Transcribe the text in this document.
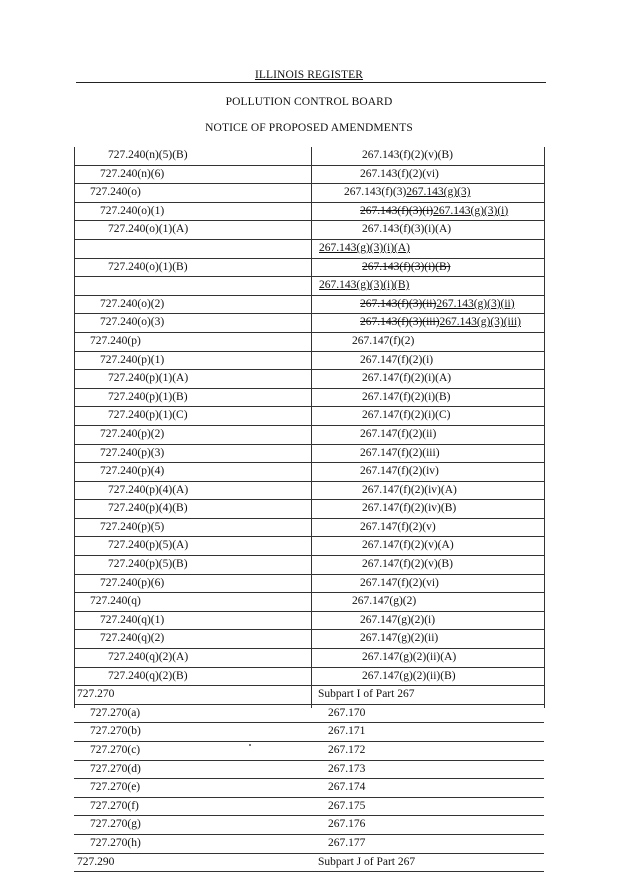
ILLINOIS REGISTER
POLLUTION CONTROL BOARD
NOTICE OF PROPOSED AMENDMENTS
727.240(n)(5)(B)	267.143(f)(2)(v)(B)
727.240(n)(6)	267.143(f)(2)(vi)
727.240(o)	267.143(f)(3)267.143(g)(3)
727.240(o)(1)	267.143(f)(3)(i)267.143(g)(3)(i)
727.240(o)(1)(A)	267.143(f)(3)(i)(A)
267.143(g)(3)(i)(A)
727.240(o)(1)(B)	267.143(f)(3)(i)(B)
267.143(g)(3)(i)(B)
727.240(o)(2)	267.143(f)(3)(ii)267.143(g)(3)(ii)
727.240(o)(3)	267.143(f)(3)(iii)267.143(g)(3)(iii)
727.240(p)	267.147(f)(2)
727.240(p)(1)	267.147(f)(2)(i)
727.240(p)(1)(A)	267.147(f)(2)(i)(A)
727.240(p)(1)(B)	267.147(f)(2)(i)(B)
727.240(p)(1)(C)	267.147(f)(2)(i)(C)
727.240(p)(2)	267.147(f)(2)(ii)
727.240(p)(3)	267.147(f)(2)(iii)
727.240(p)(4)	267.147(f)(2)(iv)
727.240(p)(4)(A)	267.147(f)(2)(iv)(A)
727.240(p)(4)(B)	267.147(f)(2)(iv)(B)
727.240(p)(5)	267.147(f)(2)(v)
727.240(p)(5)(A)	267.147(f)(2)(v)(A)
727.240(p)(5)(B)	267.147(f)(2)(v)(B)
727.240(p)(6)	267.147(f)(2)(vi)
727.240(q)	267.147(g)(2)
727.240(q)(1)	267.147(g)(2)(i)
727.240(q)(2)	267.147(g)(2)(ii)
727.240(q)(2)(A)	267.147(g)(2)(ii)(A)
727.240(q)(2)(B)	267.147(g)(2)(ii)(B)
727.270	Subpart I of Part 267
727.270(a)	267.170
727.270(b)	267.171
727.270(c)	267.172
727.270(d)	267.173
727.270(e)	267.174
727.270(f)	267.175
727.270(g)	267.176
727.270(h)	267.177
727.290	Subpart J of Part 267
